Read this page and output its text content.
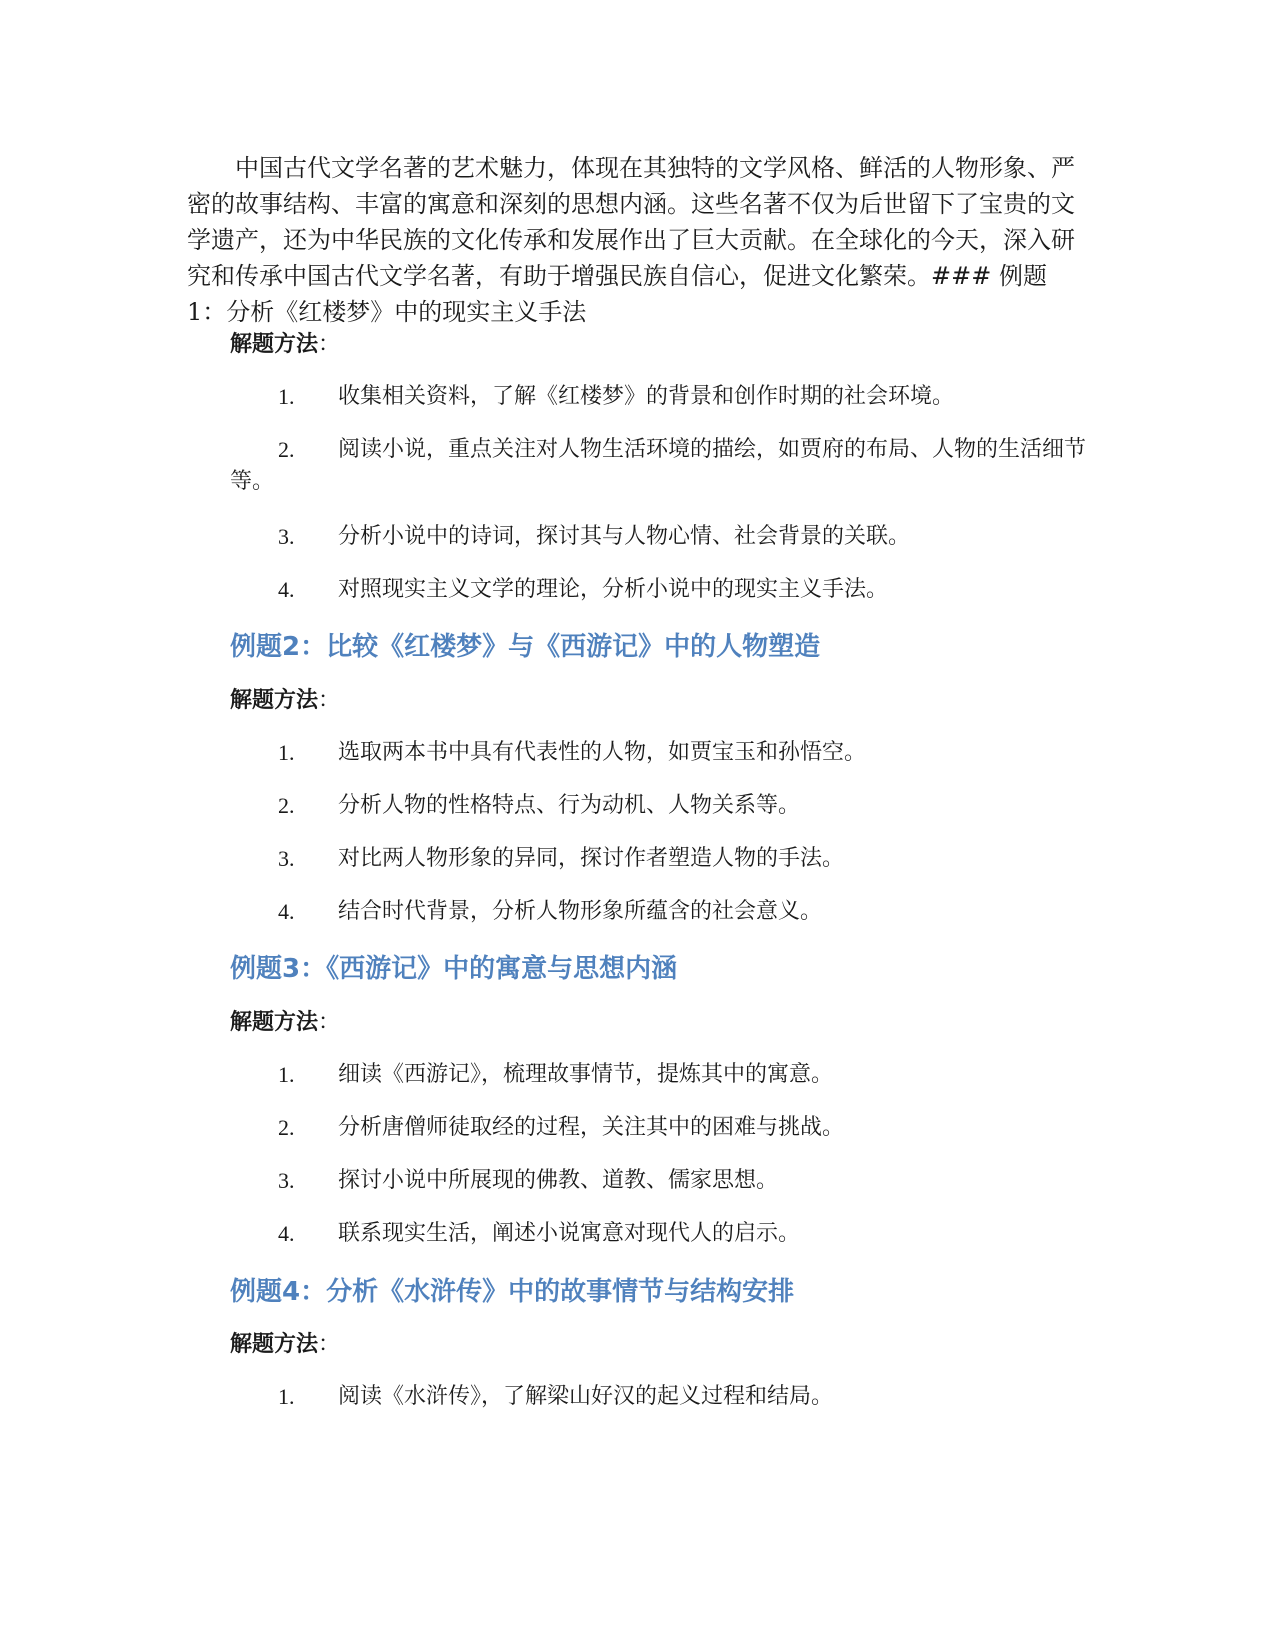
中国古代文学名著的艺术魅力，体现在其独特的文学风格、鲜活的人物形象、严密的故事结构、丰富的寓意和深刻的思想内涵。这些名著不仅为后世留下了宝贵的文学遗产，还为中华民族的文化传承和发展作出了巨大贡献。在全球化的今天，深入研究和传承中国古代文学名著，有助于增强民族自信心，促进文化繁荣。### 例题1：分析《红楼梦》中的现实主义手法

解题方法：

1.	收集相关资料，了解《红楼梦》的背景和创作时期的社会环境。

2.	阅读小说，重点关注对人物生活环境的描绘，如贾府的布局、人物的生活细节等。

3.	分析小说中的诗词，探讨其与人物心情、社会背景的关联。

4.	对照现实主义文学的理论，分析小说中的现实主义手法。

例题2：比较《红楼梦》与《西游记》中的人物塑造

解题方法：

1.	选取两本书中具有代表性的人物，如贾宝玉和孙悟空。

2.	分析人物的性格特点、行为动机、人物关系等。

3.	对比两人物形象的异同，探讨作者塑造人物的手法。

4.	结合时代背景，分析人物形象所蕴含的社会意义。

例题3：《西游记》中的寓意与思想内涵

解题方法：

1.	细读《西游记》，梳理故事情节，提炼其中的寓意。

2.	分析唐僧师徒取经的过程，关注其中的困难与挑战。

3.	探讨小说中所展现的佛教、道教、儒家思想。

4.	联系现实生活，阐述小说寓意对现代人的启示。

例题4：分析《水浒传》中的故事情节与结构安排

解题方法：

1.	阅读《水浒传》，了解梁山好汉的起义过程和结局。
